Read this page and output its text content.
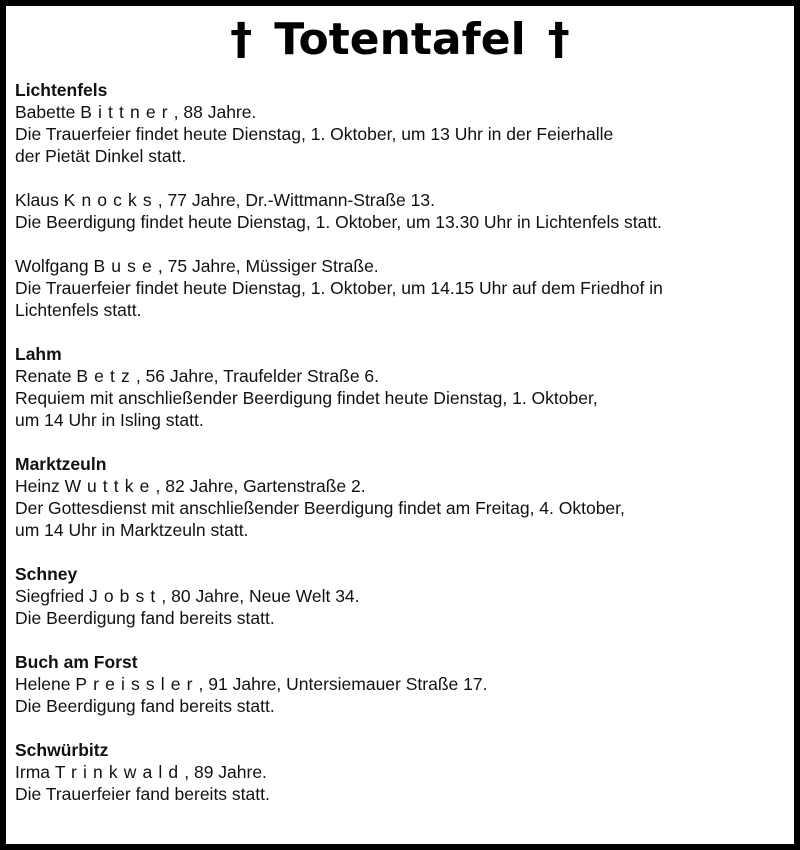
† Totentafel †
Lichtenfels
Babette Bittner, 88 Jahre.
Die Trauerfeier findet heute Dienstag, 1. Oktober, um 13 Uhr in der Feierhalle
der Pietät Dinkel statt.
Klaus Knocks, 77 Jahre, Dr.-Wittmann-Straße 13.
Die Beerdigung findet heute Dienstag, 1. Oktober, um 13.30 Uhr in Lichtenfels statt.
Wolfgang Buse, 75 Jahre, Müssiger Straße.
Die Trauerfeier findet heute Dienstag, 1. Oktober, um 14.15 Uhr auf dem Friedhof in
Lichtenfels statt.
Lahm
Renate Betz, 56 Jahre, Traufelder Straße 6.
Requiem mit anschließender Beerdigung findet heute Dienstag, 1. Oktober,
um 14 Uhr in Isling statt.
Marktzeuln
Heinz Wuttke, 82 Jahre, Gartenstraße 2.
Der Gottesdienst mit anschließender Beerdigung findet am Freitag, 4. Oktober,
um 14 Uhr in Marktzeuln statt.
Schney
Siegfried Jobst, 80 Jahre, Neue Welt 34.
Die Beerdigung fand bereits statt.
Buch am Forst
Helene Preissler, 91 Jahre, Untersiemauer Straße 17.
Die Beerdigung fand bereits statt.
Schwürbitz
Irma Trinkwald, 89 Jahre.
Die Trauerfeier fand bereits statt.
